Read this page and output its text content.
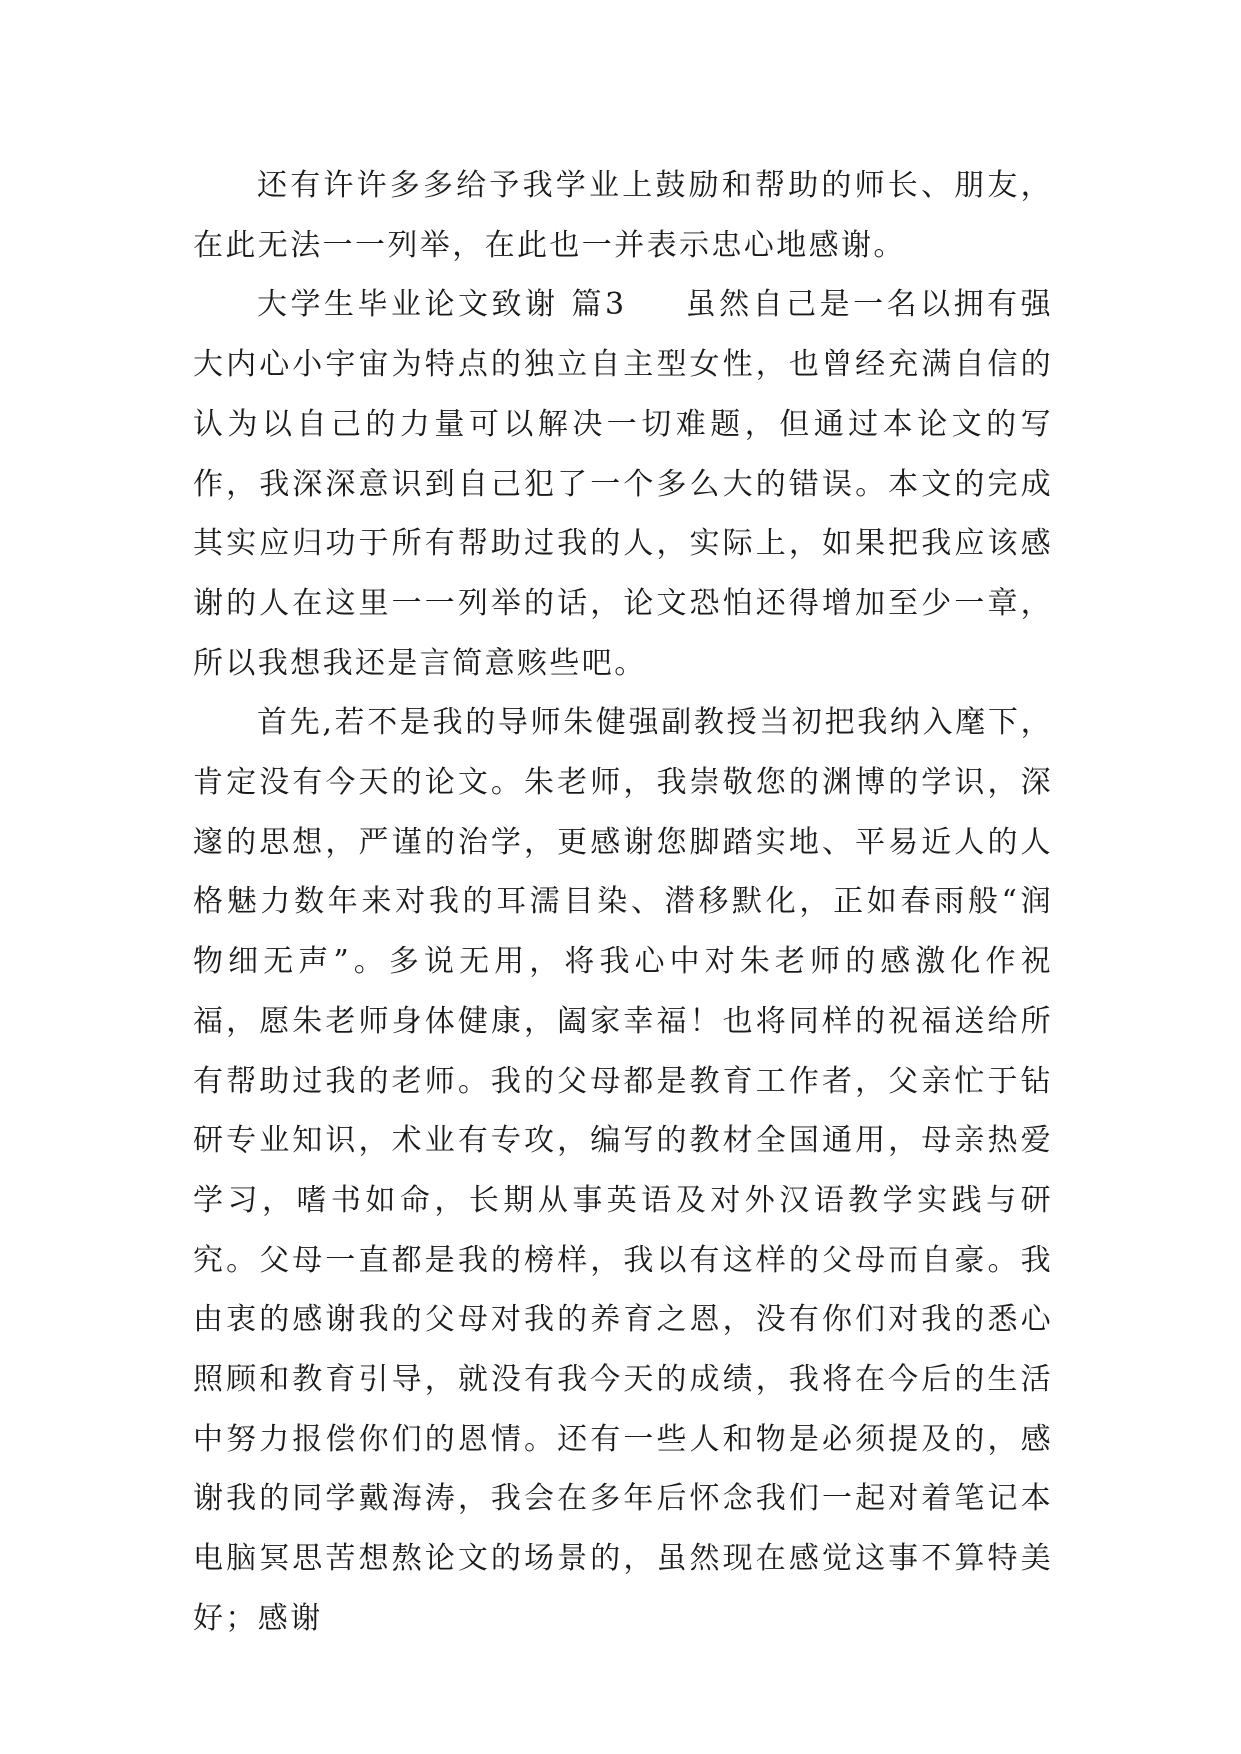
还有许许多多给予我学业上鼓励和帮助的师长、朋友，在此无法一一列举，在此也一并表示忠心地感谢。

大学生毕业论文致谢 篇3 虽然自己是一名以拥有强大内心小宇宙为特点的独立自主型女性，也曾经充满自信的认为以自己的力量可以解决一切难题，但通过本论文的写作，我深深意识到自己犯了一个多么大的错误。本文的完成其实应归功于所有帮助过我的人，实际上，如果把我应该感谢的人在这里一一列举的话，论文恐怕还得增加至少一章，所以我想我还是言简意赅些吧。

首先,若不是我的导师朱健强副教授当初把我纳入麾下，肯定没有今天的论文。朱老师，我崇敬您的渊博的学识，深邃的思想，严谨的治学，更感谢您脚踏实地、平易近人的人格魅力数年来对我的耳濡目染、潜移默化，正如春雨般“润物细无声”。多说无用，将我心中对朱老师的感激化作祝福，愿朱老师身体健康，阖家幸福！也将同样的祝福送给所有帮助过我的老师。我的父母都是教育工作者，父亲忙于钻研专业知识，术业有专攻，编写的教材全国通用，母亲热爱学习，嗜书如命，长期从事英语及对外汉语教学实践与研究。父母一直都是我的榜样，我以有这样的父母而自豪。我由衷的感谢我的父母对我的养育之恩，没有你们对我的悉心照顾和教育引导，就没有我今天的成绩，我将在今后的生活中努力报偿你们的恩情。还有一些人和物是必须提及的，感谢我的同学戴海涛，我会在多年后怀念我们一起对着笔记本电脑冥思苦想熬论文的场景的，虽然现在感觉这事不算特美好；感谢
